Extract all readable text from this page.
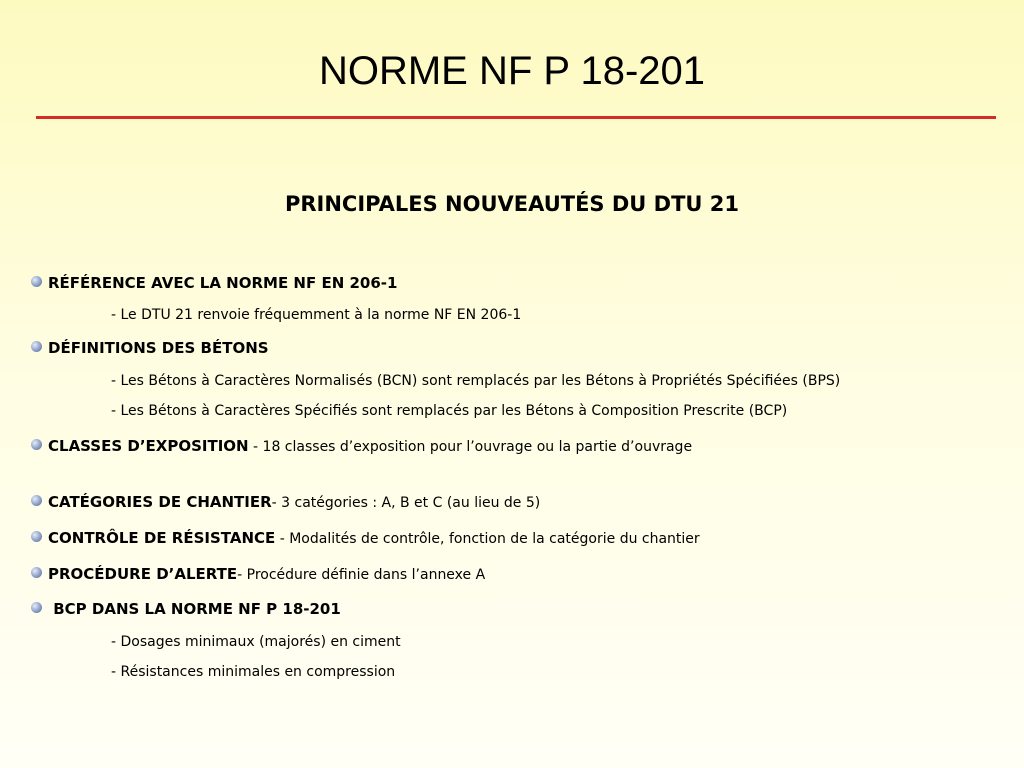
NORME NF P 18-201
PRINCIPALES NOUVEAUTÉS DU DTU 21
RÉFÉRENCE AVEC LA NORME NF EN 206-1
- Le DTU 21 renvoie fréquemment à la norme NF EN 206-1
DÉFINITIONS DES BÉTONS
- Les Bétons à Caractères Normalisés (BCN) sont remplacés par les Bétons à Propriétés Spécifiées (BPS)
- Les Bétons à Caractères Spécifiés sont remplacés par les Bétons à Composition Prescrite (BCP)
CLASSES D’EXPOSITION - 18 classes d’exposition pour l’ouvrage ou la partie d’ouvrage
CATÉGORIES DE CHANTIER- 3 catégories : A, B et C (au lieu de 5)
CONTRÔLE DE RÉSISTANCE - Modalités de contrôle, fonction de la catégorie du chantier
PROCÉDURE D’ALERTE- Procédure définie dans l’annexe A
BCP DANS LA NORME NF P 18-201
- Dosages minimaux (majorés) en ciment
- Résistances minimales en compression
